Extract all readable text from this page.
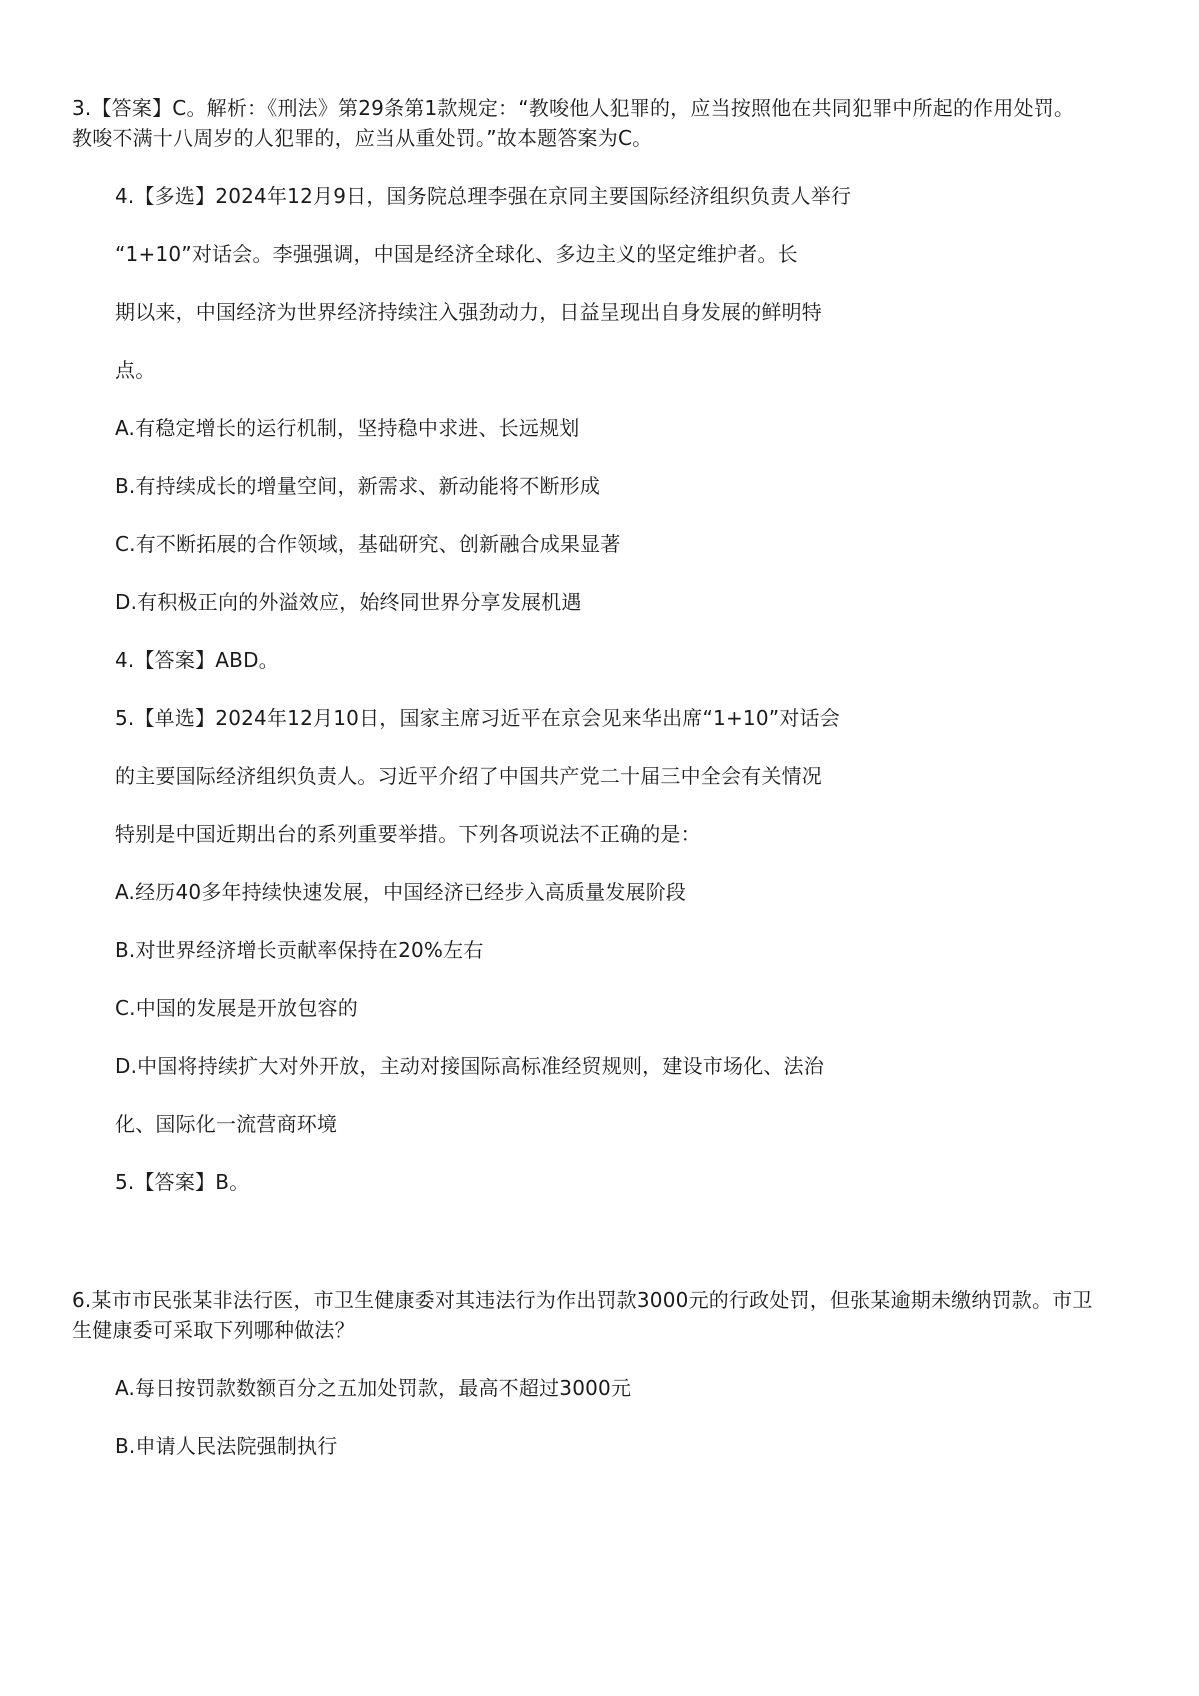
3.【答案】C。解析：《刑法》第29条第1款规定：“教唆他人犯罪的，应当按照他在共同犯罪中所起的作用处罚。
教唆不满十八周岁的人犯罪的，应当从重处罚。”故本题答案为C。
4.【多选】2024年12月9日，国务院总理李强在京同主要国际经济组织负责人举行
“1+10”对话会。李强强调，中国是经济全球化、多边主义的坚定维护者。长
期以来，中国经济为世界经济持续注入强劲动力，日益呈现出自身发展的鲜明特
点。
A.有稳定增长的运行机制，坚持稳中求进、长远规划
B.有持续成长的增量空间，新需求、新动能将不断形成
C.有不断拓展的合作领域，基础研究、创新融合成果显著
D.有积极正向的外溢效应，始终同世界分享发展机遇
4.【答案】ABD。
5.【单选】2024年12月10日，国家主席习近平在京会见来华出席“1+10”对话会
的主要国际经济组织负责人。习近平介绍了中国共产党二十届三中全会有关情况
特别是中国近期出台的系列重要举措。下列各项说法不正确的是：
A.经历40多年持续快速发展，中国经济已经步入高质量发展阶段
B.对世界经济增长贡献率保持在20%左右
C.中国的发展是开放包容的
D.中国将持续扩大对外开放，主动对接国际高标准经贸规则，建设市场化、法治
化、国际化一流营商环境
5.【答案】B。
6.某市市民张某非法行医，市卫生健康委对其违法行为作出罚款3000元的行政处罚，但张某逾期未缴纳罚款。市卫
生健康委可采取下列哪种做法？
A.每日按罚款数额百分之五加处罚款，最高不超过3000元
B.申请人民法院强制执行
